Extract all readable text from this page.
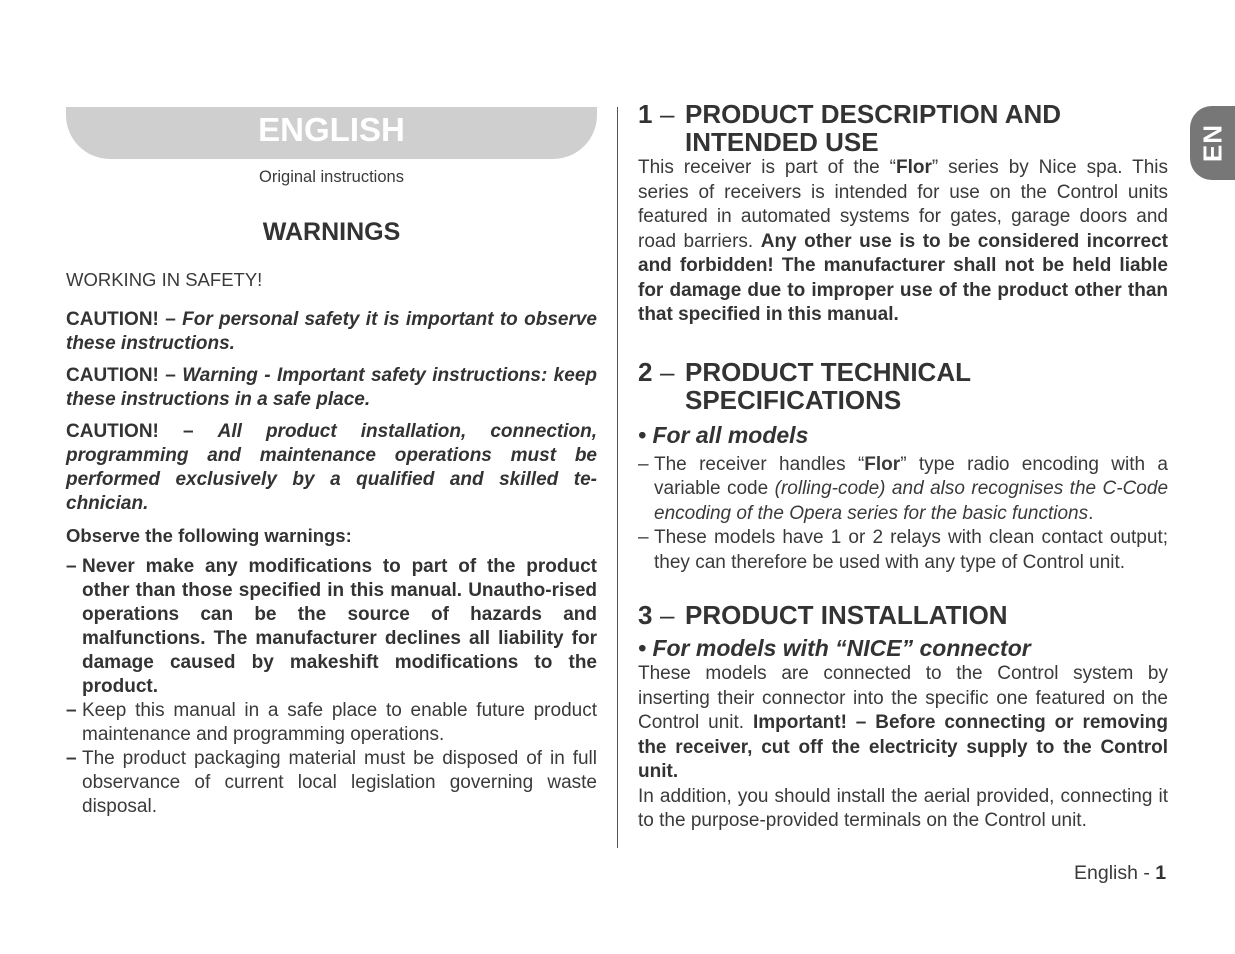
ENGLISH
Original instructions
WARNINGS
WORKING IN SAFETY!
CAUTION! – For personal safety it is important to observe these instructions.
CAUTION! – Warning - Important safety instructions: keep these instructions in a safe place.
CAUTION! – All product installation, connection, programming and maintenance operations must be performed exclusively by a qualified and skilled te-chnician.
Observe the following warnings:
– Never make any modifications to part of the product other than those specified in this manual. Unautho-rised operations can be the source of hazards and malfunctions. The manufacturer declines all liability for damage caused by makeshift modifications to the product.
– Keep this manual in a safe place to enable future product maintenance and programming operations.
– The product packaging material must be disposed of in full observance of current local legislation governing waste disposal.
1 – PRODUCT DESCRIPTION AND
INTENDED USE

This receiver is part of the “Flor” series by Nice spa. This series of receivers is intended for use on the Control units featured in automated systems for gates, garage doors and road barriers. Any other use is to be considered incorrect and forbidden! The manufacturer shall not be held liable for damage due to improper use of the product other than that specified in this manual.

2 – PRODUCT TECHNICAL
SPECIFICATIONS
• For all models
– The receiver handles “Flor” type radio encoding with a variable code (rolling-code) and also recognises the C-Code encoding of the Opera series for the basic functions.
– These models have 1 or 2 relays with clean contact output; they can therefore be used with any type of Control unit.
3 – PRODUCT INSTALLATION
• For models with “NICE” connector

These models are connected to the Control system by inserting their connector into the specific one featured on the Control unit. Important! – Before connecting or removing the receiver, cut off the electricity supply to the Control unit.

In addition, you should install the aerial provided, connecting it to the purpose-provided terminals on the Control unit.

English - 1
EN
